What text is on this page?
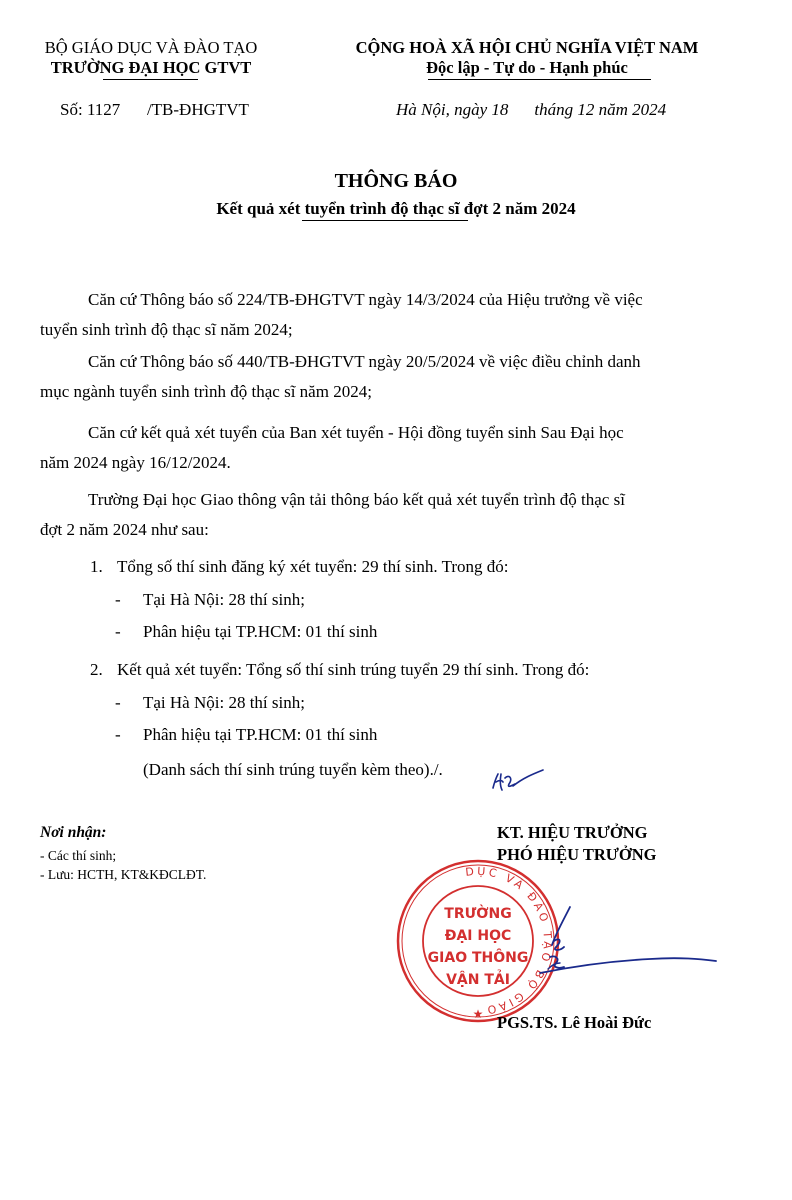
BỘ GIÁO DỤC VÀ ĐÀO TẠO
TRƯỜNG ĐẠI HỌC GTVT
CỘNG HOÀ XÃ HỘI CHỦ NGHĨA VIỆT NAM
Độc lập - Tự do - Hạnh phúc
Số: 1127 /TB-ĐHGTVT	Hà Nội, ngày 18 tháng 12 năm 2024
THÔNG BÁO
Kết quả xét tuyển trình độ thạc sĩ đợt 2 năm 2024
Căn cứ Thông báo số 224/TB-ĐHGTVT ngày 14/3/2024 của Hiệu trưởng về việc
tuyển sinh trình độ thạc sĩ năm 2024;
Căn cứ Thông báo số 440/TB-ĐHGTVT ngày 20/5/2024 về việc điều chỉnh danh
mục ngành tuyển sinh trình độ thạc sĩ năm 2024;
Căn cứ kết quả xét tuyển của Ban xét tuyển - Hội đồng tuyển sinh Sau Đại học
năm 2024 ngày 16/12/2024.
Trường Đại học Giao thông vận tải thông báo kết quả xét tuyển trình độ thạc sĩ
đợt 2 năm 2024 như sau:
1. Tổng số thí sinh đăng ký xét tuyển: 29 thí sinh. Trong đó:
- Tại Hà Nội: 28 thí sinh;
- Phân hiệu tại TP.HCM: 01 thí sinh
2. Kết quả xét tuyển: Tổng số thí sinh trúng tuyển 29 thí sinh. Trong đó:
- Tại Hà Nội: 28 thí sinh;
- Phân hiệu tại TP.HCM: 01 thí sinh
(Danh sách thí sinh trúng tuyển kèm theo)./.
Nơi nhận:
- Các thí sinh;
- Lưu: HCTH, KT&KĐCLĐT.
KT. HIỆU TRƯỞNG
PHÓ HIỆU TRƯỞNG
DỤC VÀ ĐÀO TẠO BỘ GIÁO
TRƯỜNG
ĐẠI HỌC
GIAO THÔNG
VẬN TẢI
★ PGS.TS. Lê Hoài Đức
